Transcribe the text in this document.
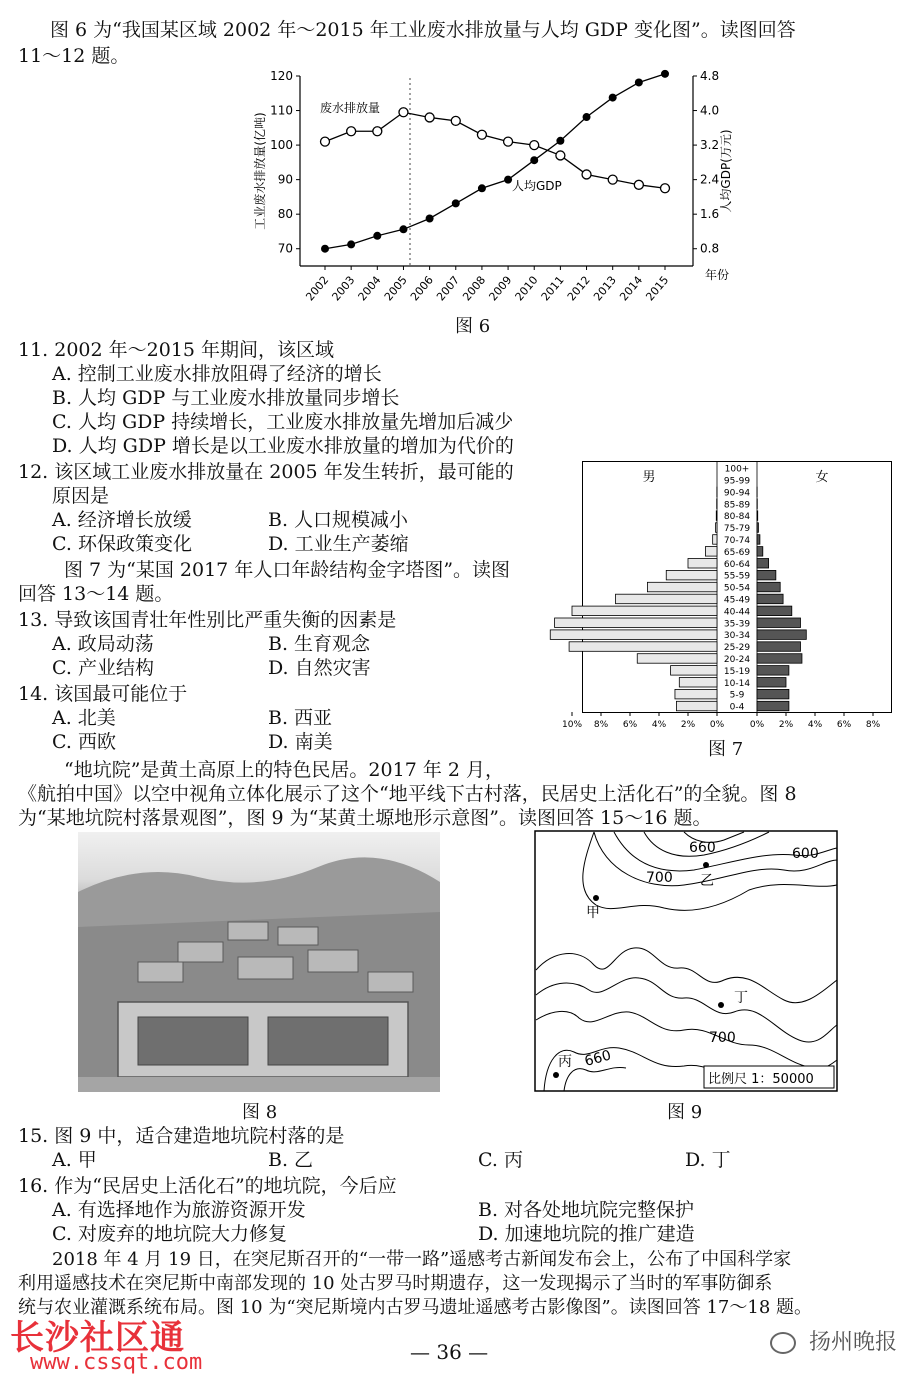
图 6 为“我国某区域 2002 年～2015 年工业废水排放量与人均 GDP 变化图”。读图回答
11～12 题。
120
110
100
90
80
70
4.8
4.0
3.2
2.4
1.6
0.8
2002
2003
2004
2005
2006
2007
2008
2009
2010
2011
2012
2013
2014
2015
工业废水排放量(亿吨)	人均GDP(万元)
废水排放量
人均GDP
年份
图 6
11. 2002 年～2015 年期间，该区域
A. 控制工业废水排放阻碍了经济的增长
B. 人均 GDP 与工业废水排放量同步增长
C. 人均 GDP 持续增长，工业废水排放量先增加后减少
D. 人均 GDP 增长是以工业废水排放量的增加为代价的
12. 该区域工业废水排放量在 2005 年发生转折，最可能的
原因是
A. 经济增长放缓	B. 人口规模减小
C. 环保政策变化	D. 工业生产萎缩
图 7 为“某国 2017 年人口年龄结构金字塔图”。读图
回答 13～14 题。
13. 导致该国青壮年性别比严重失衡的因素是
A. 政局动荡	B. 生育观念
C. 产业结构	D. 自然灾害
14. 该国最可能位于
A. 北美	B. 西亚
C. 西欧	D. 南美
男	女
0-4
5-9
10-14
15-19
20-24
25-29
30-34
35-39
40-44
45-49
50-54
55-59
60-64
65-69
70-74
75-79
80-84
85-89
90-94
95-99
100+
10% 8% 6% 4% 2% 0%	0% 2% 4% 6% 8%
图 7
“地坑院”是黄土高原上的特色民居。2017 年 2 月，
《航拍中国》以空中视角立体化展示了这个“地平线下古村落，民居史上活化石”的全貌。图 8
为“某地坑院村落景观图”，图 9 为“某黄土塬地形示意图”。读图回答 15～16 题。
图 8
甲
乙
丁
丙
660	600
700
700
660
比例尺 1：50000
图 9
15. 图 9 中，适合建造地坑院村落的是
A. 甲	B. 乙	C. 丙	D. 丁
16. 作为“民居史上活化石”的地坑院，今后应
A. 有选择地作为旅游资源开发	B. 对各处地坑院完整保护
C. 对废弃的地坑院大力修复	D. 加速地坑院的推广建造
2018 年 4 月 19 日，在突尼斯召开的“一带一路”遥感考古新闻发布会上，公布了中国科学家
利用遥感技术在突尼斯中南部发现的 10 处古罗马时期遗存，这一发现揭示了当时的军事防御系
统与农业灌溉系统布局。图 10 为“突尼斯境内古罗马遗址遥感考古影像图”。读图回答 17～18 题。
— 36 —
长沙社区通
www.cssqt.com
扬州晚报
